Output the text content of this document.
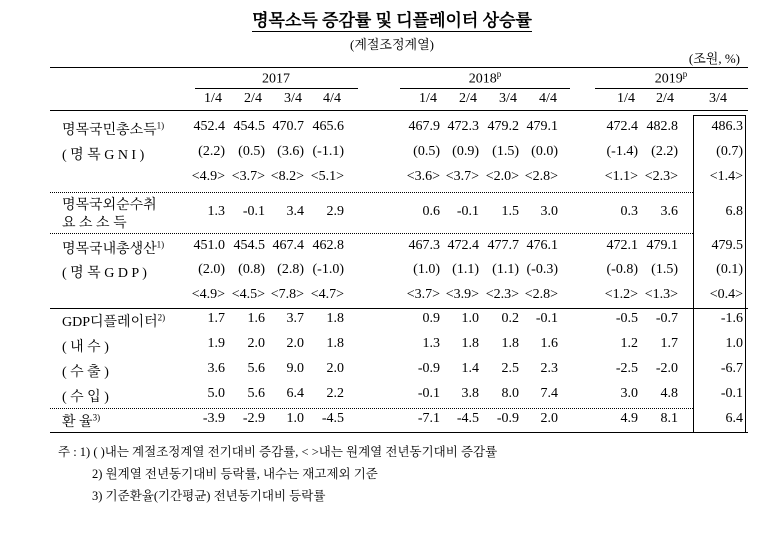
명목소득 증감률 및 디플레이터 상승률
(계절조정계열)
(조원, %)
2017	2018$^p$	2019$^p$
1/4 2/4 3/4 4/4	1/4 2/4 3/4 4/4	1/4 2/4	3/4
명목국민총소득$^{1)}$ 452.4 454.5 470.7 465.6	467.9 472.3 479.2 479.1	472.4 482.8 486.3
( 명 목 G N I )	(2.2) (0.5) (3.6) (-1.1)	(0.5) (0.9) (1.5) (0.0)	(-1.4) (2.2)	(0.7)
<4.9> <3.7> <8.2> <5.1>	<3.6> <3.7> <2.0> <2.8>	<1.1> <2.3> <1.4>
명목국외순수취
요 소 소 득
1.3 -0.1 3.4 2.9	0.6 -0.1 1.5 3.0	0.3 3.6	6.8
명목국내총생산$^{1)}$ 451.0 454.5 467.4 462.8	467.3 472.4 477.7 476.1	472.1 479.1 479.5
( 명 목 G D P )	(2.0) (0.8) (2.8) (-1.0)	(1.0) (1.1) (1.1) (-0.3)	(-0.8) (1.5)	(0.1)
<4.9> <4.5> <7.8> <4.7>	<3.7> <3.9> <2.3> <2.8>	<1.2> <1.3> <0.4>
GDP디플레이터$^{2)}$	1.7 1.6 3.7 1.8	0.9 1.0 0.2 -0.1	-0.5 -0.7	-1.6
( 내 수 )	1.9 2.0 2.0 1.8	1.3 1.8 1.8 1.6	1.2 1.7	1.0
( 수 출 )	3.6 5.6 9.0 2.0	-0.9 1.4 2.5 2.3	-2.5 -2.0	-6.7
( 수 입 )	5.0 5.6 6.4 2.2	-0.1 3.8 8.0 7.4	3.0 4.8	-0.1
환 율$^{3)}$	-3.9 -2.9 1.0 -4.5	-7.1 -4.5 -0.9 2.0	4.9 8.1	6.4
주 : 1) ( )내는 계절조정계열 전기대비 증감률, < >내는 원계열 전년동기대비 증감률
2) 원계열 전년동기대비 등락률, 내수는 재고제외 기준
3) 기준환율(기간평균) 전년동기대비 등락률
